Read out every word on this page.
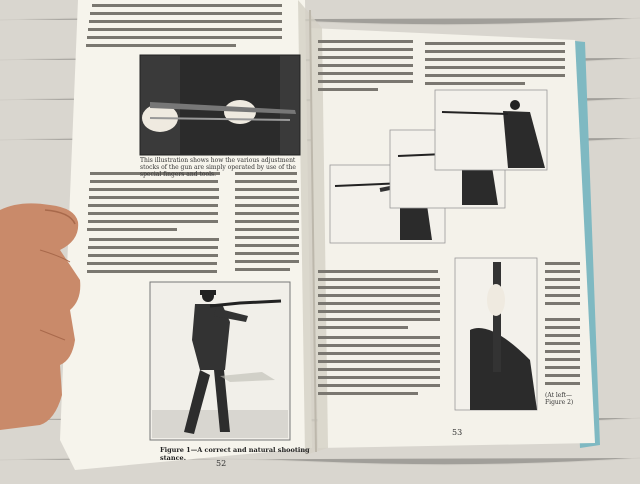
This illustration shows how the various adjustment stocks of the gun are simply operated by use of the special fingers and tools.
Figure 1—A correct and natural shooting stance.
52
53
(At left— Figure 2)
